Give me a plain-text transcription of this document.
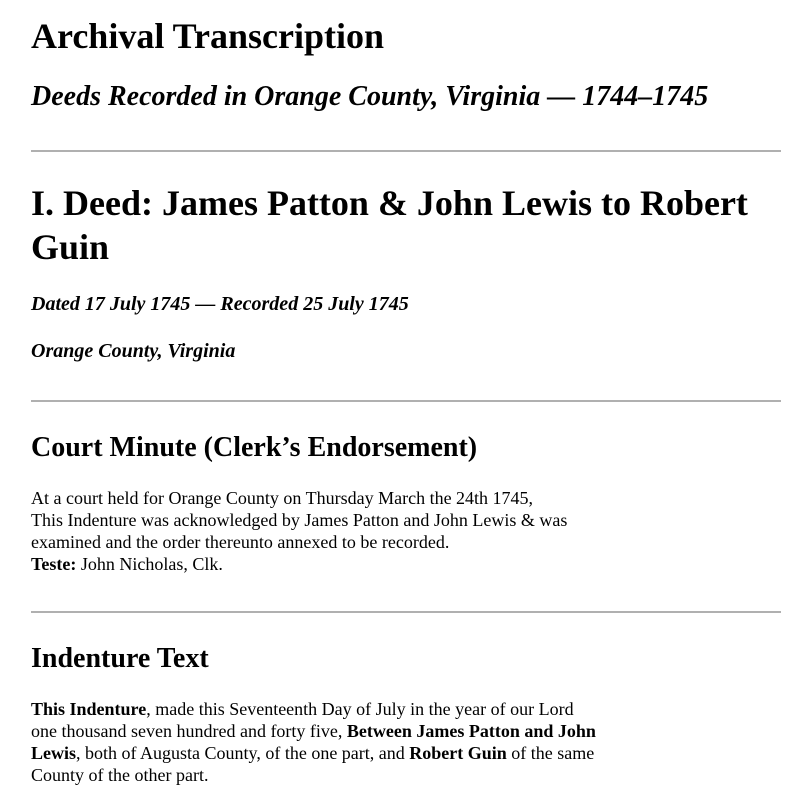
Archival Transcription
Deeds Recorded in Orange County, Virginia — 1744–1745
I. Deed: James Patton & John Lewis to Robert Guin

Dated 17 July 1745 — Recorded 25 July 1745

Orange County, Virginia

Court Minute (Clerk’s Endorsement)

At a court held for Orange County on Thursday March the 24th 1745,
This Indenture was acknowledged by James Patton and John Lewis & was
examined and the order thereunto annexed to be recorded.
Teste: John Nicholas, Clk.

Indenture Text

This Indenture, made this Seventeenth Day of July in the year of our Lord
one thousand seven hundred and forty five, Between James Patton and John
Lewis, both of Augusta County, of the one part, and Robert Guin of the same
County of the other part.
